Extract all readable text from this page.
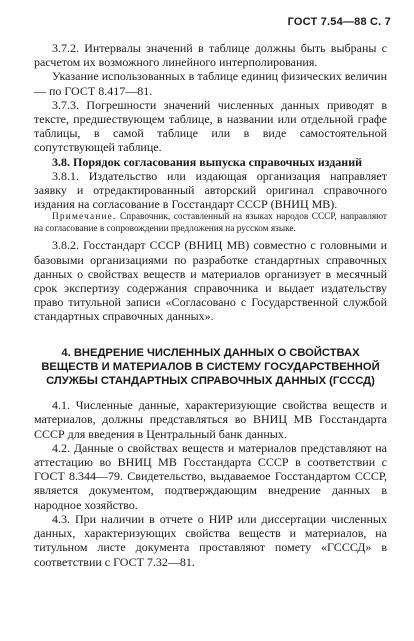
ГОСТ 7.54—88 С. 7

3.7.2. Интервалы значений в таблице должны быть выбраны с расчетом их возможного линейного интерполирования.

Указание использованных в таблице единиц физических величин — по ГОСТ 8.417—81.

3.7.3. Погрешности значений численных данных приводят в тексте, предшествующем таблице, в названии или отдельной графе таблицы, в самой таблице или в виде самостоятельной сопутствующей таблице.

3.8. Порядок согласования выпуска справочных изданий

3.8.1. Издательство или издающая организация направляет заявку и отредактированный авторский оригинал справочного издания на согласование в Госстандарт СССР (ВНИЦ МВ).

Примечание. Справочник, составленный на языках народов СССР, направляют на согласование в сопровождении предложения на русском языке.

3.8.2. Госстандарт СССР (ВНИЦ МВ) совместно с головными и базовыми организациями по разработке стандартных справочных данных о свойствах веществ и материалов организует в месячный срок экспертизу содержания справочника и выдает издательству право титульной записи «Согласовано с Государственной службой стандартных справочных данных».

4. ВНЕДРЕНИЕ ЧИСЛЕННЫХ ДАННЫХ О СВОЙСТВАХ ВЕЩЕСТВ И МАТЕРИАЛОВ В СИСТЕМУ ГОСУДАРСТВЕННОЙ СЛУЖБЫ СТАНДАРТНЫХ СПРАВОЧНЫХ ДАННЫХ (ГСССД)

4.1. Численные данные, характеризующие свойства веществ и материалов, должны представляться во ВНИЦ МВ Госстандарта СССР для введения в Центральный банк данных.

4.2. Данные о свойствах веществ и материалов представляют на аттестацию во ВНИЦ МВ Госстандарта СССР в соответствии с ГОСТ 8.344—79. Свидетельство, выдаваемое Госстандартом СССР, является документом, подтверждающим внедрение данных в народное хозяйство.

4.3. При наличии в отчете о НИР или диссертации численных данных, характеризующих свойства веществ и материалов, на титульном листе документа проставляют помету «ГСССД» в соответствии с ГОСТ 7.32—81.
